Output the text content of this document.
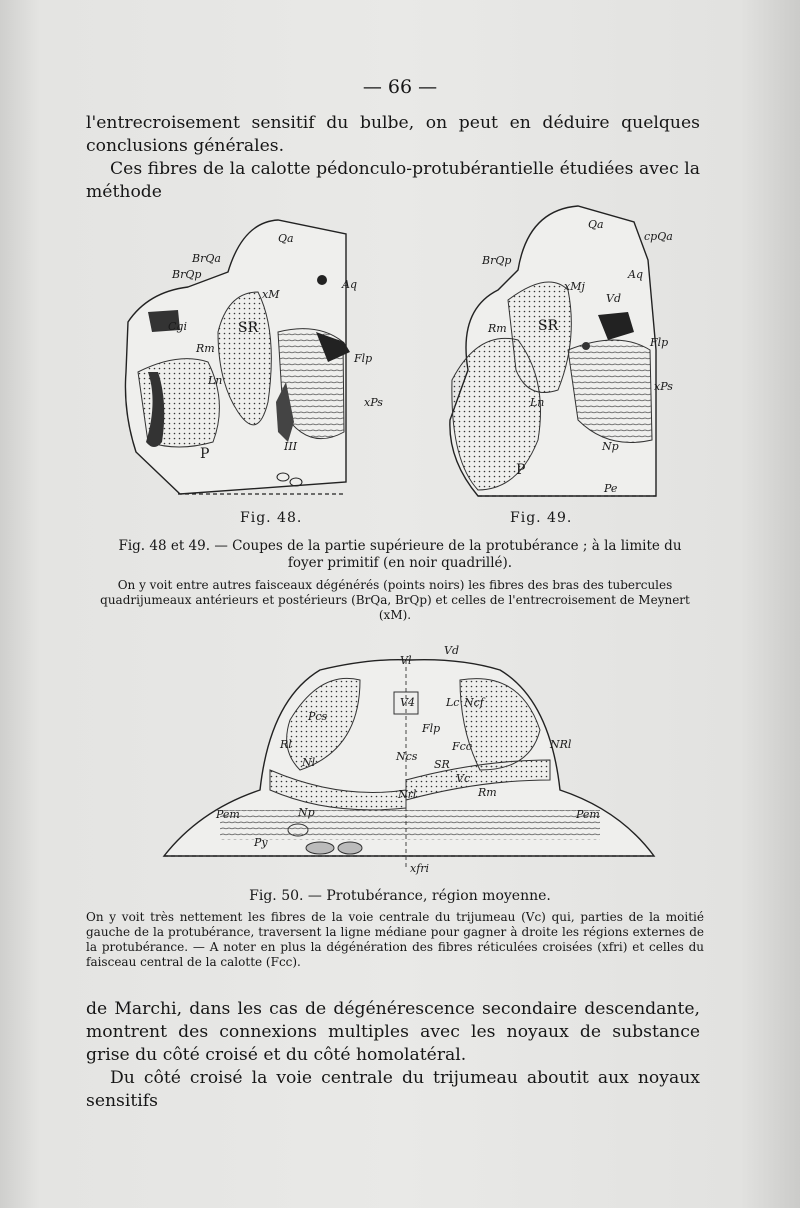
— 66 —
l'entrecroisement sensitif du bulbe, on peut en déduire quelques conclusions générales.
Ces fibres de la calotte pédonculo-protubérantielle étudiées avec la méthode
Qa
BrQa
BrQp
xM
Aq
SR
Cgi
Rm
Flp
xPs
Ln
III
P
Fig. 48.
Qa
cpQa
BrQp
Aq
xMj
Vd
SR
Rm
Flp
xPs
Ln
Np
P
Pe
Fig. 49.
Fig. 48 et 49. — Coupes de la partie supérieure de la protubérance ; à la limite du foyer primitif (en noir quadrillé).
On y voit entre autres faisceaux dégénérés (points noirs) les fibres des bras des tubercules quadrijumeaux antérieurs et postérieurs (BrQa, BrQp) et celles de l'entrecroisement de Meynert (xM).
Vl
Vd
V4
Pcs
Rl
Lc Ncf
Flp
Fcc	NRl
Ncs
SR
Nl
Vc
Nrl	Rm
Pem	Pem
Np
Py
xfri
Fig. 50. — Protubérance, région moyenne.
On y voit très nettement les fibres de la voie centrale du trijumeau (Vc) qui, parties de la moitié gauche de la protubérance, traversent la ligne médiane pour gagner à droite les régions externes de la protubérance. — A noter en plus la dégénération des fibres réticulées croisées (xfri) et celles du faisceau central de la calotte (Fcc).
de Marchi, dans les cas de dégénérescence secondaire descendante, montrent des connexions multiples avec les noyaux de substance grise du côté croisé et du côté homolatéral.
Du côté croisé la voie centrale du trijumeau aboutit aux noyaux sensitifs
